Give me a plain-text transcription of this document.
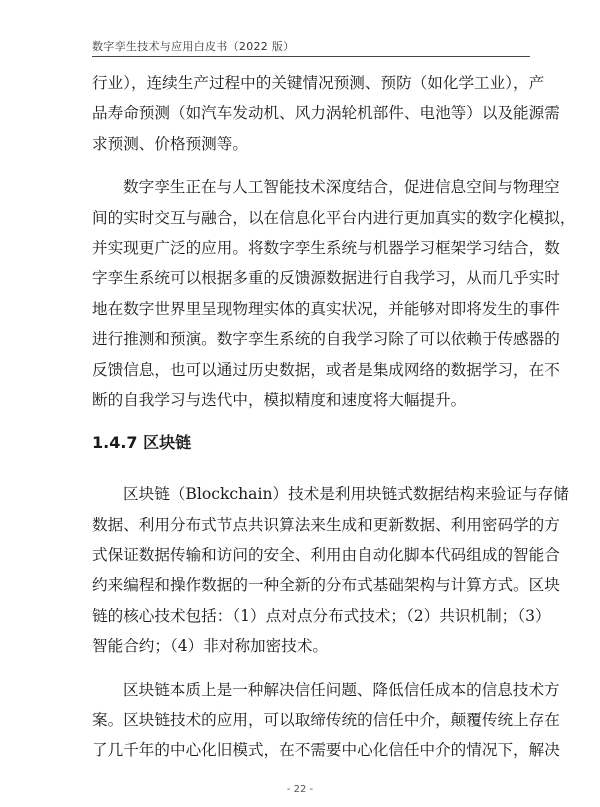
数字孪生技术与应用白皮书（2022 版）
行业），连续生产过程中的关键情况预测、预防（如化学工业），产
品寿命预测（如汽车发动机、风力涡轮机部件、电池等）以及能源需
求预测、价格预测等。
数字孪生正在与人工智能技术深度结合，促进信息空间与物理空
间的实时交互与融合，以在信息化平台内进行更加真实的数字化模拟，
并实现更广泛的应用。将数字孪生系统与机器学习框架学习结合，数
字孪生系统可以根据多重的反馈源数据进行自我学习，从而几乎实时
地在数字世界里呈现物理实体的真实状况，并能够对即将发生的事件
进行推测和预演。数字孪生系统的自我学习除了可以依赖于传感器的
反馈信息，也可以通过历史数据，或者是集成网络的数据学习，在不
断的自我学习与迭代中，模拟精度和速度将大幅提升。
1.4.7 区块链
区块链（Blockchain）技术是利用块链式数据结构来验证与存储
数据、利用分布式节点共识算法来生成和更新数据、利用密码学的方
式保证数据传输和访问的安全、利用由自动化脚本代码组成的智能合
约来编程和操作数据的一种全新的分布式基础架构与计算方式。区块
链的核心技术包括：（1）点对点分布式技术；（2）共识机制；（3）
智能合约；（4）非对称加密技术。
区块链本质上是一种解决信任问题、降低信任成本的信息技术方
案。区块链技术的应用，可以取缔传统的信任中介，颠覆传统上存在
了几千年的中心化旧模式，在不需要中心化信任中介的情况下，解决
- 22 -
